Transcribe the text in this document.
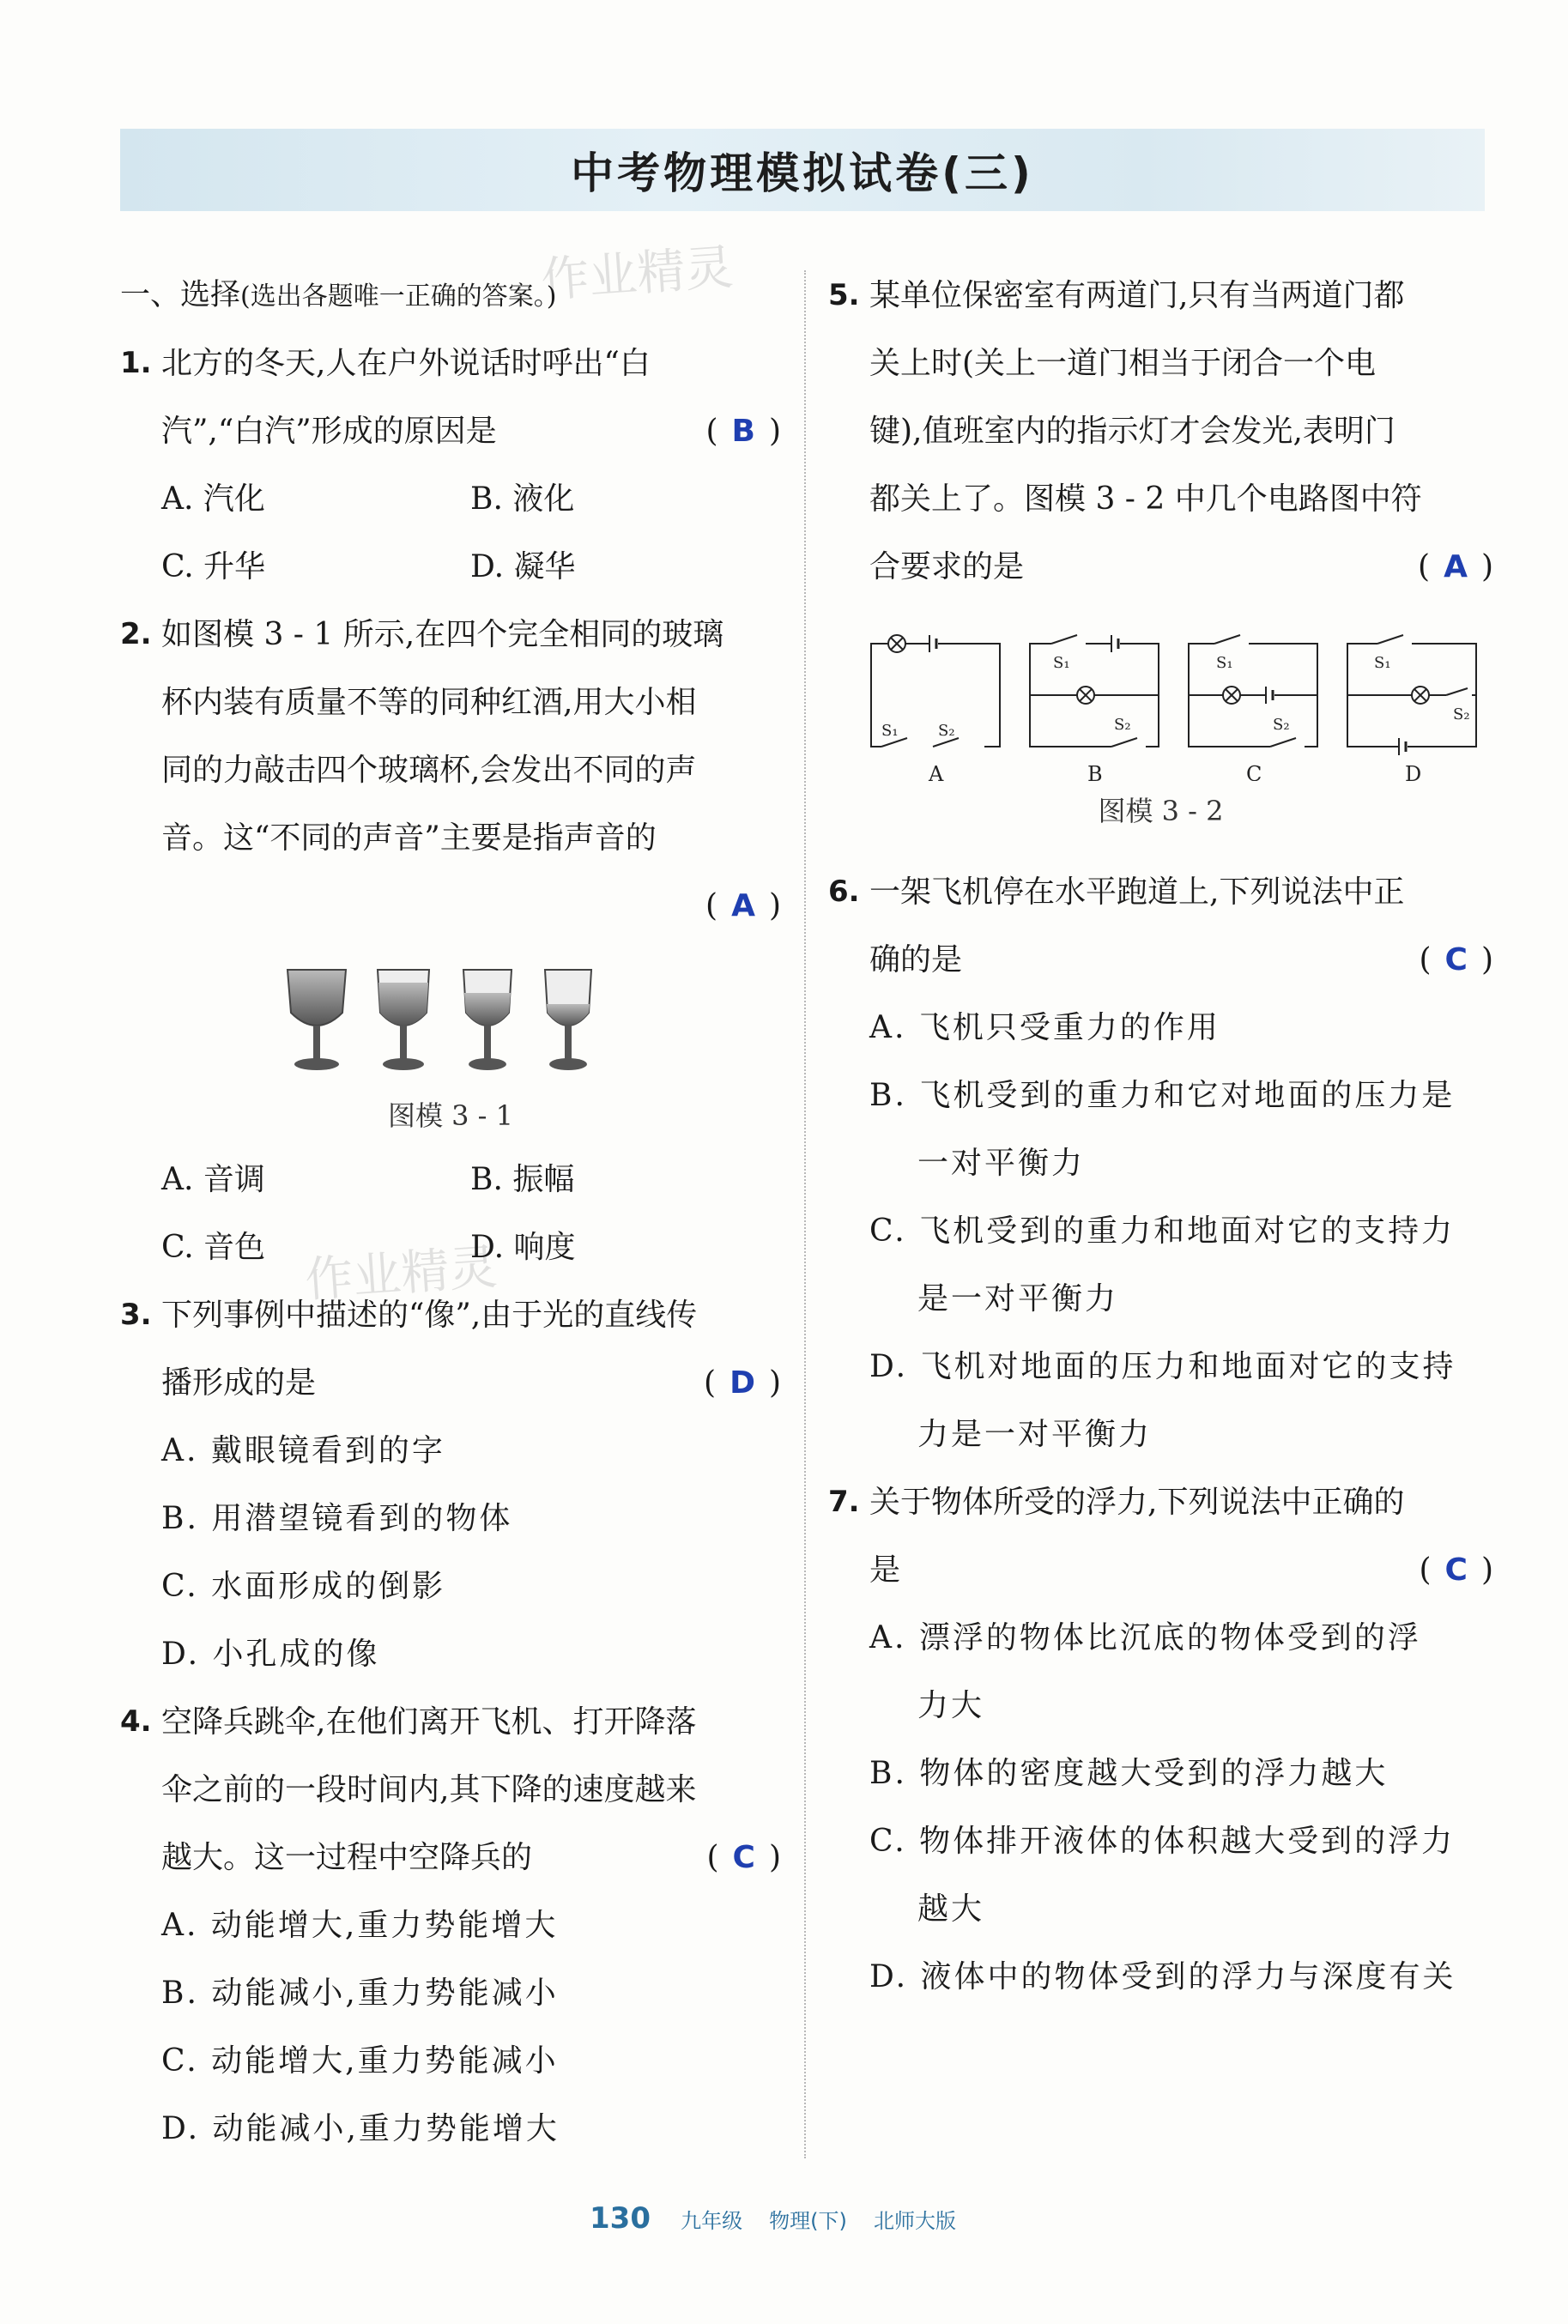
中考物理模拟试卷(三)
作业精灵
作业精灵
一、选择(选出各题唯一正确的答案。)
1. 北方的冬天,人在户外说话时呼出“白
汽”,“白汽”形成的原因是	( B )
A. 汽化	B. 液化
C. 升华	D. 凝华
2. 如图模 3 - 1 所示,在四个完全相同的玻璃
杯内装有质量不等的同种红酒,用大小相
同的力敲击四个玻璃杯,会发出不同的声
音。这“不同的声音”主要是指声音的
( A )
图模 3 - 1
A. 音调	B. 振幅
C. 音色	D. 响度
3. 下列事例中描述的“像”,由于光的直线传
播形成的是	( D )
A. 戴眼镜看到的字
B. 用潜望镜看到的物体
C. 水面形成的倒影
D. 小孔成的像
4. 空降兵跳伞,在他们离开飞机、打开降落
伞之前的一段时间内,其下降的速度越来
越大。这一过程中空降兵的	( C )
A. 动能增大,重力势能增大
B. 动能减小,重力势能减小
C. 动能增大,重力势能减小
D. 动能减小,重力势能增大
5. 某单位保密室有两道门,只有当两道门都
关上时(关上一道门相当于闭合一个电
键),值班室内的指示灯才会发光,表明门
都关上了。图模 3 - 2 中几个电路图中符
合要求的是	( A )
S₁	S₂
A
S₁
S₂
B
S₁
S₂
C
S₁
S₂
D
图模 3 - 2
6. 一架飞机停在水平跑道上,下列说法中正
确的是	( C )
A. 飞机只受重力的作用
B. 飞机受到的重力和它对地面的压力是
一对平衡力
C. 飞机受到的重力和地面对它的支持力
是一对平衡力
D. 飞机对地面的压力和地面对它的支持
力是一对平衡力
7. 关于物体所受的浮力,下列说法中正确的
是	( C )
A. 漂浮的物体比沉底的物体受到的浮
力大
B. 物体的密度越大受到的浮力越大
C. 物体排开液体的体积越大受到的浮力
越大
D. 液体中的物体受到的浮力与深度有关
130 九年级 物理(下) 北师大版
